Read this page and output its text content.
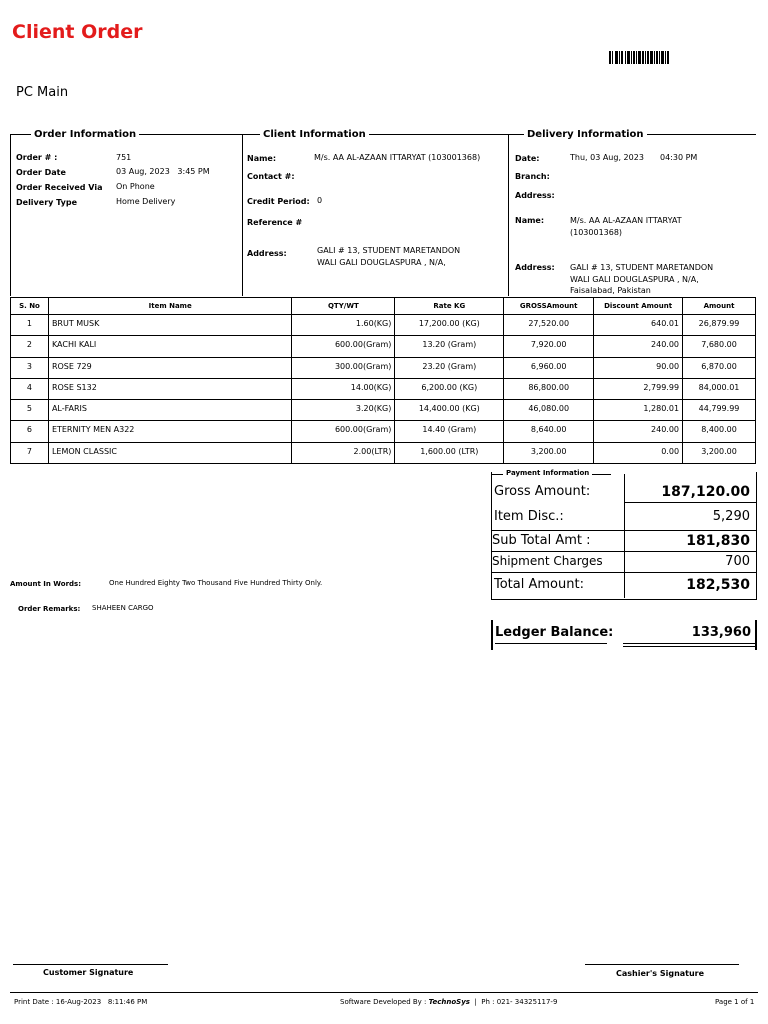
Client Order
PC Main
Order Information	Client Information	Delivery Information
Order # :	751
Order Date	03 Aug, 2023   3:45 PM
Order Received Via On Phone
Delivery Type	Home Delivery
Name:	M/s. AA AL-AZAAN ITTARYAT (103001368)
Contact #:
Credit Period: 0
Reference #
Address:	GALI # 13, STUDENT MARETANDON
WALI GALI DOUGLASPURA , N/A,
Date:	Thu, 03 Aug, 2023 04:30 PM
Branch:
Address:
Name:	M/s. AA AL-AZAAN ITTARYAT
(103001368)
Address: GALI # 13, STUDENT MARETANDON
WALI GALI DOUGLASPURA , N/A,
Faisalabad, Pakistan
S. No	Item Name	QTY/WT	Rate KG	GROSSAmount	Discount Amount	Amount
1	BRUT MUSK	1.60(KG)	17,200.00 (KG)	27,520.00	640.01	26,879.99
2	KACHI KALI	600.00(Gram)	13.20 (Gram)	7,920.00	240.00	7,680.00
3	ROSE 729	300.00(Gram)	23.20 (Gram)	6,960.00	90.00	6,870.00
4	ROSE S132	14.00(KG)	6,200.00 (KG)	86,800.00	2,799.99	84,000.01
5	AL-FARIS	3.20(KG)	14,400.00 (KG)	46,080.00	1,280.01	44,799.99
6	ETERNITY MEN A322	600.00(Gram)	14.40 (Gram)	8,640.00	240.00	8,400.00
7	LEMON CLASSIC	2.00(LTR)	1,600.00 (LTR)	3,200.00	0.00	3,200.00
Payment Information
Gross Amount:	187,120.00
Item Disc.:	5,290
Sub Total Amt :	181,830
Shipment Charges	700
Total Amount:	182,530
Ledger Balance:	133,960
Amount In Words:	One Hundred Eighty Two Thousand Five Hundred Thirty Only.
Order Remarks: SHAHEEN CARGO
Customer Signature	Cashier's Signature
Print Date : 16-Aug-2023   8:11:46 PM	Software Developed By : TechnoSys  |  Ph : 021- 34325117-9	Page 1 of 1
